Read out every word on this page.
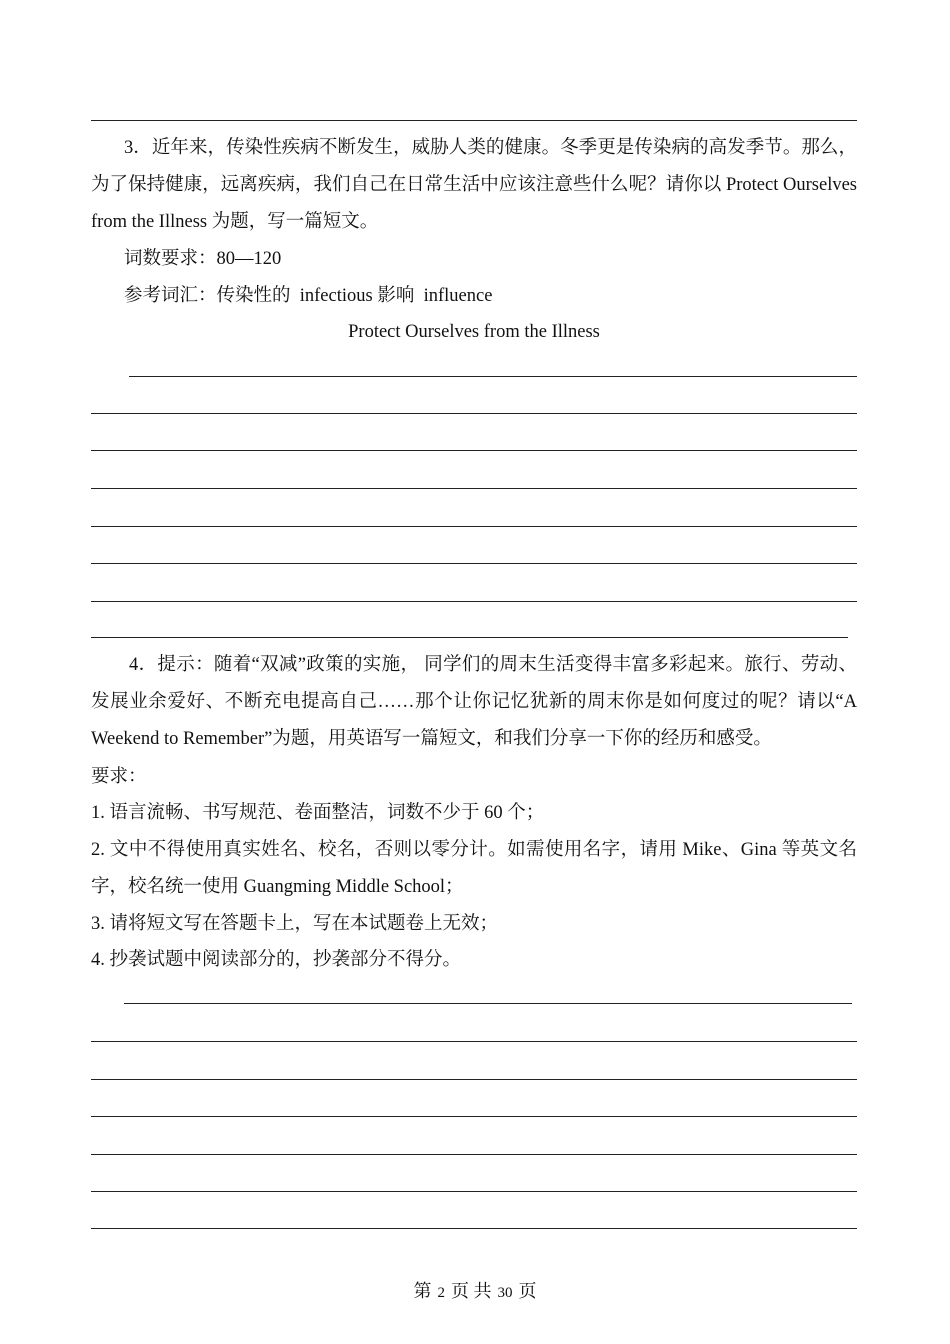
3．近年来，传染性疾病不断发生，威胁人类的健康。冬季更是传染病的高发季节。那么，为了保持健康，远离疾病，我们自己在日常生活中应该注意些什么呢？请你以 Protect Ourselves from the Illness 为题，写一篇短文。
词数要求：80—120
参考词汇：传染性的  infectious 影响  influence
Protect Ourselves from the Illness
4．提示：随着“双减”政策的实施， 同学们的周末生活变得丰富多彩起来。旅行、劳动、发展业余爱好、不断充电提高自己……那个让你记忆犹新的周末你是如何度过的呢？请以“A Weekend to Remember”为题，用英语写一篇短文，和我们分享一下你的经历和感受。
要求：
1. 语言流畅、书写规范、卷面整洁，词数不少于 60 个；
2. 文中不得使用真实姓名、校名，否则以零分计。如需使用名字，请用 Mike、Gina 等英文名字，校名统一使用 Guangming Middle School；
3. 请将短文写在答题卡上，写在本试题卷上无效；
4. 抄袭试题中阅读部分的，抄袭部分不得分。
第 2 页 共 30 页
